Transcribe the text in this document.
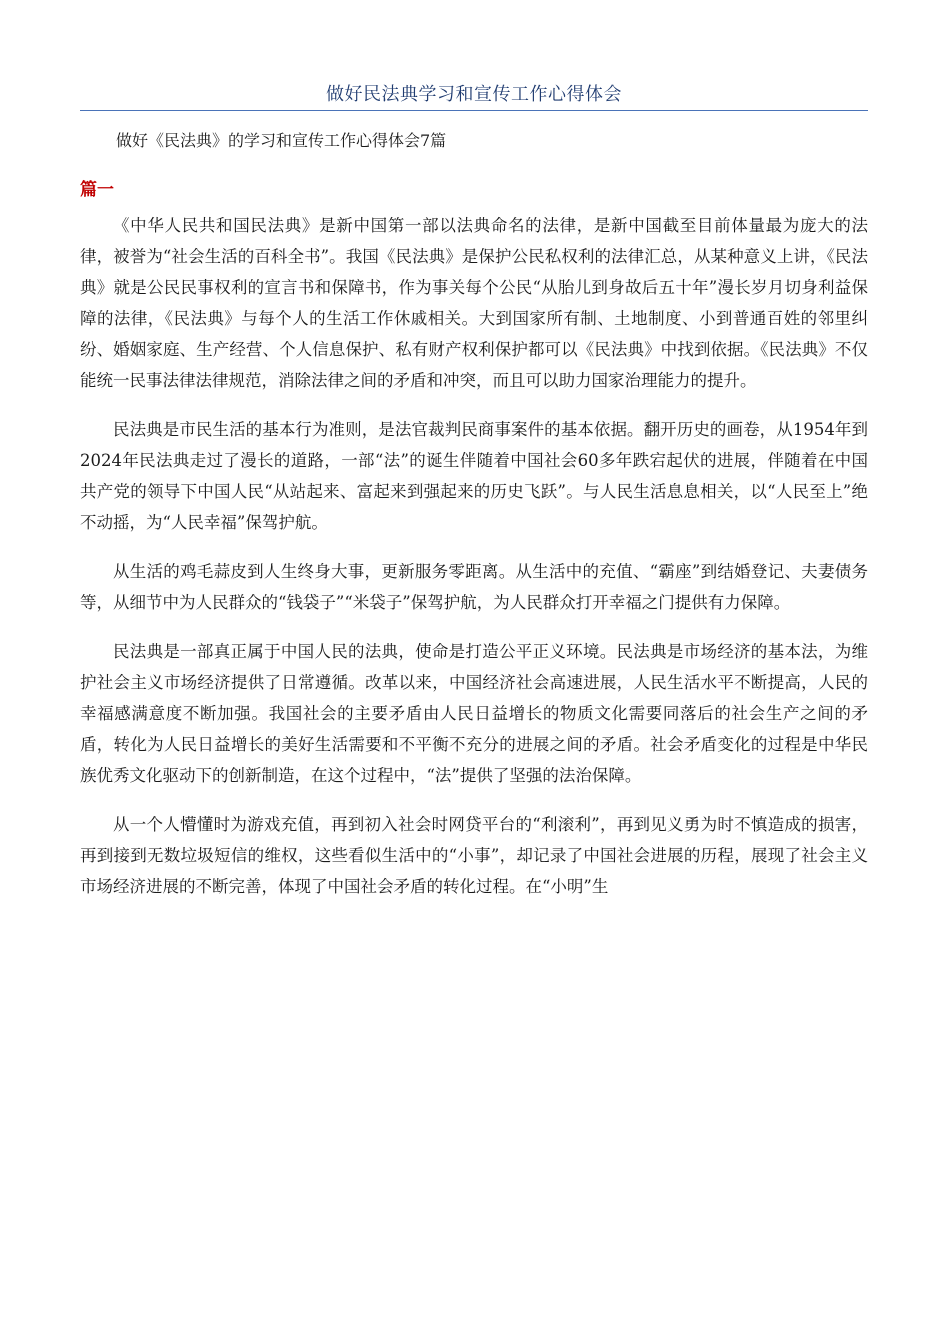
做好民法典学习和宣传工作心得体会
做好《民法典》的学习和宣传工作心得体会7篇
篇一

《中华人民共和国民法典》是新中国第一部以法典命名的法律，是新中国截至目前体量最为庞大的法律，被誉为“社会生活的百科全书”。我国《民法典》是保护公民私权利的法律汇总，从某种意义上讲，《民法典》就是公民民事权利的宣言书和保障书，作为事关每个公民“从胎儿到身故后五十年”漫长岁月切身利益保障的法律，《民法典》与每个人的生活工作休戚相关。大到国家所有制、土地制度、小到普通百姓的邻里纠纷、婚姻家庭、生产经营、个人信息保护、私有财产权利保护都可以《民法典》中找到依据。《民法典》不仅能统一民事法律法律规范，消除法律之间的矛盾和冲突，而且可以助力国家治理能力的提升。

民法典是市民生活的基本行为准则，是法官裁判民商事案件的基本依据。翻开历史的画卷，从1954年到2024年民法典走过了漫长的道路，一部“法”的诞生伴随着中国社会60多年跌宕起伏的进展，伴随着在中国共产党的领导下中国人民“从站起来、富起来到强起来的历史飞跃”。与人民生活息息相关，以“人民至上”绝不动摇，为“人民幸福”保驾护航。

从生活的鸡毛蒜皮到人生终身大事，更新服务零距离。从生活中的充值、“霸座”到结婚登记、夫妻债务等，从细节中为人民群众的“钱袋子”“米袋子”保驾护航，为人民群众打开幸福之门提供有力保障。

民法典是一部真正属于中国人民的法典，使命是打造公平正义环境。民法典是市场经济的基本法，为维护社会主义市场经济提供了日常遵循。改革以来，中国经济社会高速进展，人民生活水平不断提高，人民的幸福感满意度不断加强。我国社会的主要矛盾由人民日益增长的物质文化需要同落后的社会生产之间的矛盾，转化为人民日益增长的美好生活需要和不平衡不充分的进展之间的矛盾。社会矛盾变化的过程是中华民族优秀文化驱动下的创新制造，在这个过程中，“法”提供了坚强的法治保障。

从一个人懵懂时为游戏充值，再到初入社会时网贷平台的“利滚利”，再到见义勇为时不慎造成的损害，再到接到无数垃圾短信的维权，这些看似生活中的“小事”，却记录了中国社会进展的历程，展现了社会主义市场经济进展的不断完善，体现了中国社会矛盾的转化过程。在“小明”生
